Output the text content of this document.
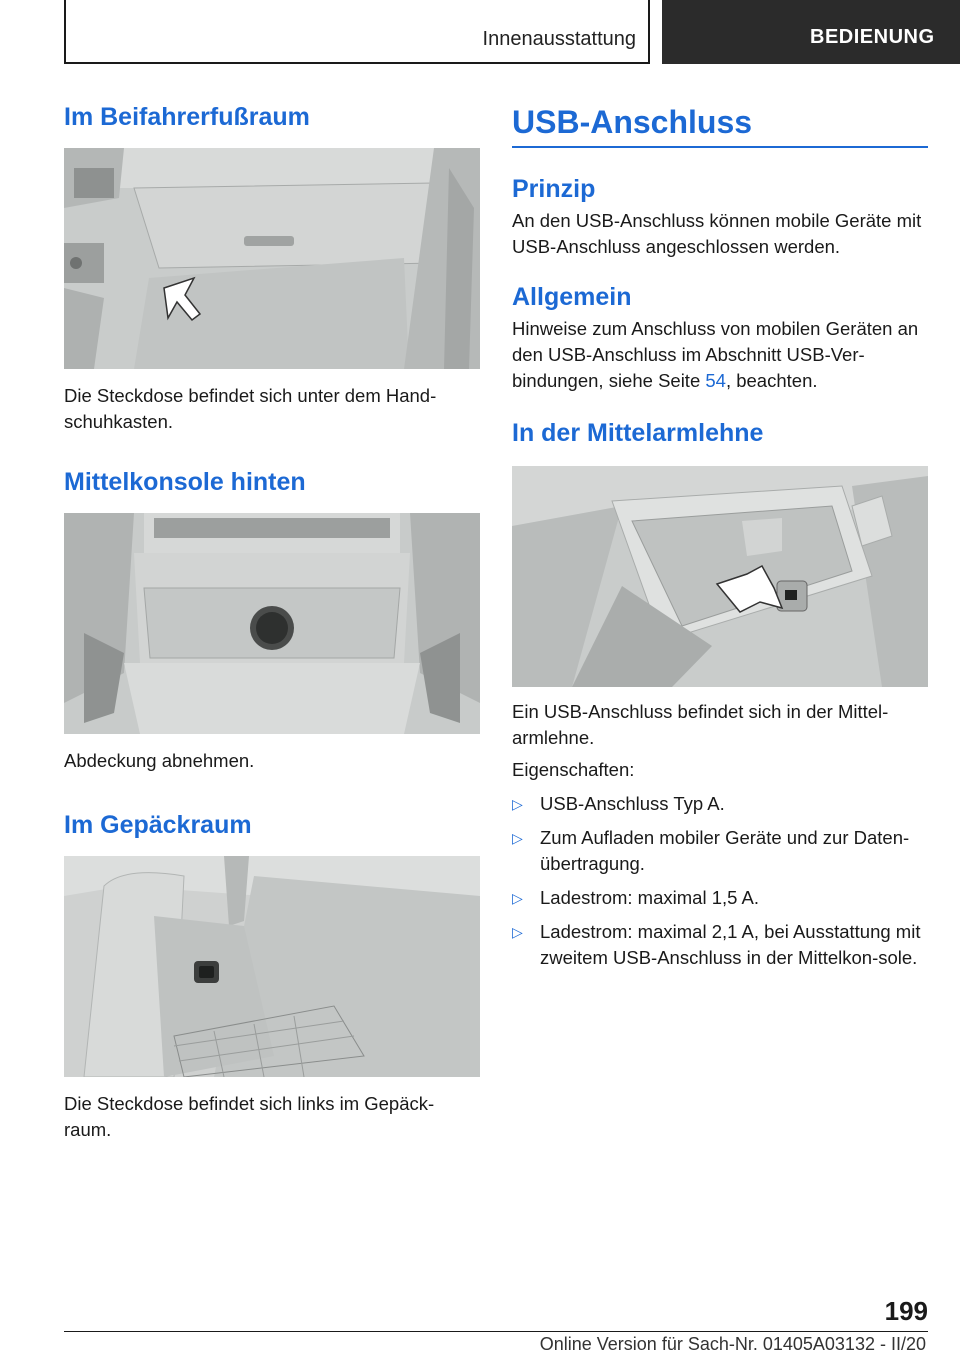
Innenausstattung	BEDIENUNG
Im Beifahrerfußraum

Die Steckdose befindet sich unter dem Hand‐schuhkasten.

Mittelkonsole hinten

Abdeckung abnehmen.

Im Gepäckraum

Die Steckdose befindet sich links im Gepäck‐raum.

USB-Anschluss
Prinzip

An den USB-Anschluss können mobile Geräte mit USB-Anschluss angeschlossen werden.

Allgemein

Hinweise zum Anschluss von mobilen Geräten an den USB-Anschluss im Abschnitt USB-Ver‐bindungen, siehe Seite 54, beachten.

In der Mittelarmlehne

Ein USB-Anschluss befindet sich in der Mittel‐armlehne.

Eigenschaften:

▷ USB-Anschluss Typ A.
▷ Zum Aufladen mobiler Geräte und zur Daten‐übertragung.
▷ Ladestrom: maximal 1,5 A.
▷ Ladestrom: maximal 2,1 A, bei Ausstattung mit zweitem USB-Anschluss in der Mittelkon‐sole.
199
Online Version für Sach-Nr. 01405A03132 - II/20
